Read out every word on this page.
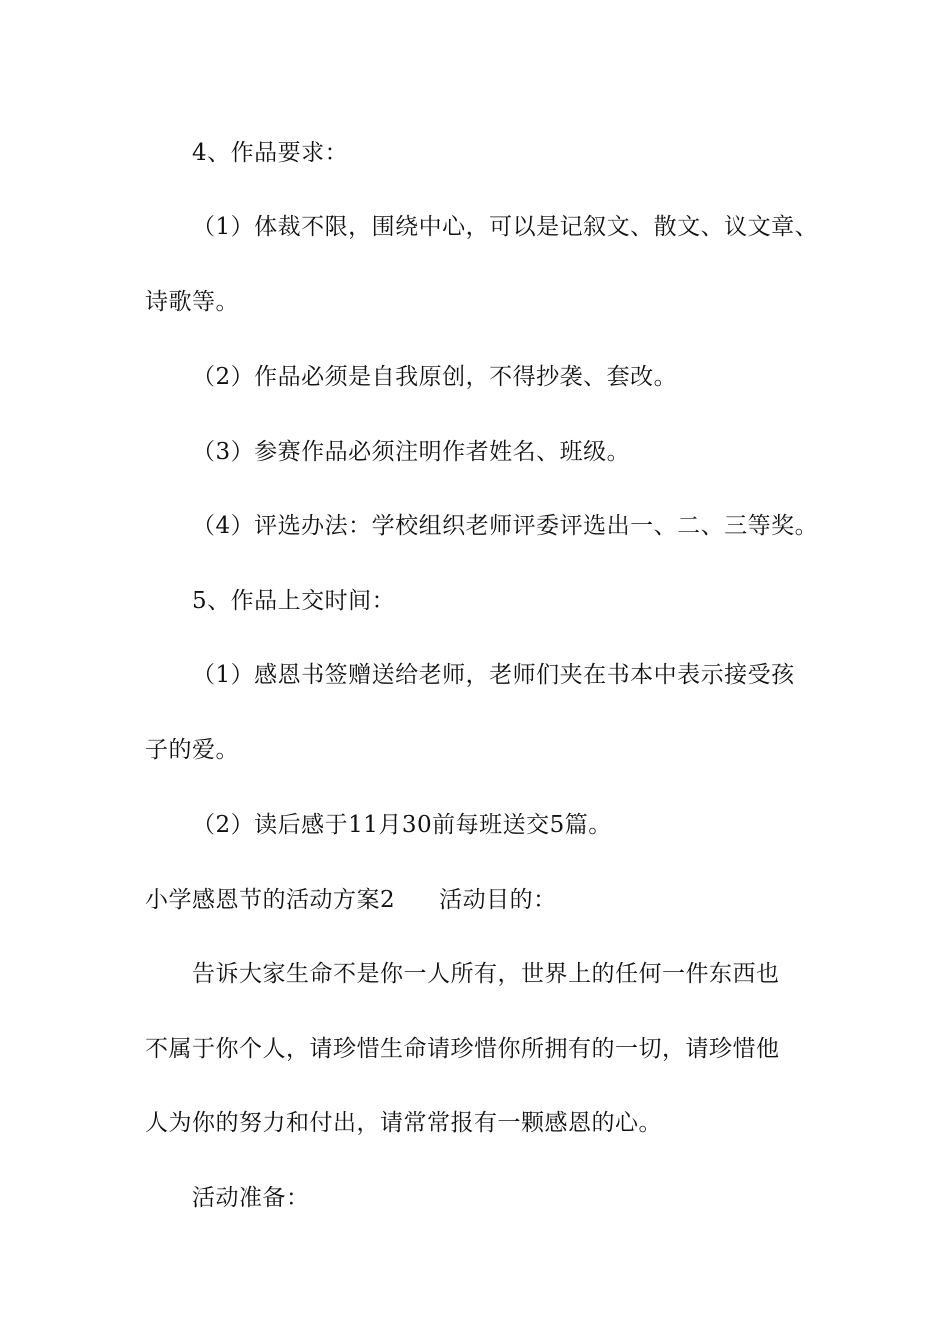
4、作品要求：
（1）体裁不限，围绕中心，可以是记叙文、散文、议文章、
诗歌等。
（2）作品必须是自我原创，不得抄袭、套改。
（3）参赛作品必须注明作者姓名、班级。
（4）评选办法：学校组织老师评委评选出一、二、三等奖。
5、作品上交时间：
（1）感恩书签赠送给老师，老师们夹在书本中表示接受孩
子的爱。
（2）读后感于11月30前每班送交5篇。
小学感恩节的活动方案2 活动目的：
告诉大家生命不是你一人所有，世界上的任何一件东西也
不属于你个人，请珍惜生命请珍惜你所拥有的一切，请珍惜他
人为你的努力和付出，请常常报有一颗感恩的心。
活动准备：
